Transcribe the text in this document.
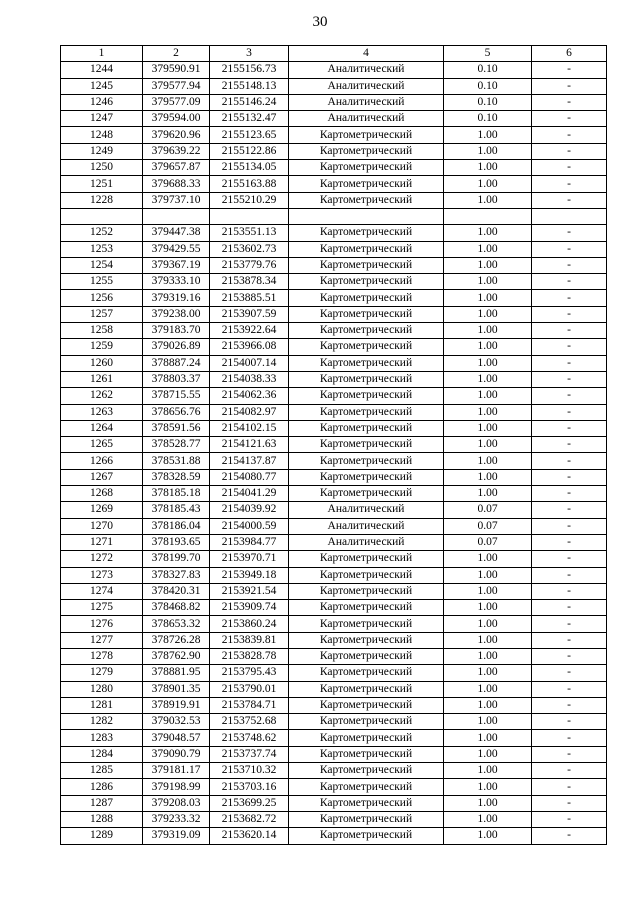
30
1	2	3	4	5	6
1244	379590.91	2155156.73	Аналитический	0.10	-
1245	379577.94	2155148.13	Аналитический	0.10	-
1246	379577.09	2155146.24	Аналитический	0.10	-
1247	379594.00	2155132.47	Аналитический	0.10	-
1248	379620.96	2155123.65	Картометрический	1.00	-
1249	379639.22	2155122.86	Картометрический	1.00	-
1250	379657.87	2155134.05	Картометрический	1.00	-
1251	379688.33	2155163.88	Картометрический	1.00	-
1228	379737.10	2155210.29	Картометрический	1.00	-

1252	379447.38	2153551.13	Картометрический	1.00	-
1253	379429.55	2153602.73	Картометрический	1.00	-
1254	379367.19	2153779.76	Картометрический	1.00	-
1255	379333.10	2153878.34	Картометрический	1.00	-
1256	379319.16	2153885.51	Картометрический	1.00	-
1257	379238.00	2153907.59	Картометрический	1.00	-
1258	379183.70	2153922.64	Картометрический	1.00	-
1259	379026.89	2153966.08	Картометрический	1.00	-
1260	378887.24	2154007.14	Картометрический	1.00	-
1261	378803.37	2154038.33	Картометрический	1.00	-
1262	378715.55	2154062.36	Картометрический	1.00	-
1263	378656.76	2154082.97	Картометрический	1.00	-
1264	378591.56	2154102.15	Картометрический	1.00	-
1265	378528.77	2154121.63	Картометрический	1.00	-
1266	378531.88	2154137.87	Картометрический	1.00	-
1267	378328.59	2154080.77	Картометрический	1.00	-
1268	378185.18	2154041.29	Картометрический	1.00	-
1269	378185.43	2154039.92	Аналитический	0.07	-
1270	378186.04	2154000.59	Аналитический	0.07	-
1271	378193.65	2153984.77	Аналитический	0.07	-
1272	378199.70	2153970.71	Картометрический	1.00	-
1273	378327.83	2153949.18	Картометрический	1.00	-
1274	378420.31	2153921.54	Картометрический	1.00	-
1275	378468.82	2153909.74	Картометрический	1.00	-
1276	378653.32	2153860.24	Картометрический	1.00	-
1277	378726.28	2153839.81	Картометрический	1.00	-
1278	378762.90	2153828.78	Картометрический	1.00	-
1279	378881.95	2153795.43	Картометрический	1.00	-
1280	378901.35	2153790.01	Картометрический	1.00	-
1281	378919.91	2153784.71	Картометрический	1.00	-
1282	379032.53	2153752.68	Картометрический	1.00	-
1283	379048.57	2153748.62	Картометрический	1.00	-
1284	379090.79	2153737.74	Картометрический	1.00	-
1285	379181.17	2153710.32	Картометрический	1.00	-
1286	379198.99	2153703.16	Картометрический	1.00	-
1287	379208.03	2153699.25	Картометрический	1.00	-
1288	379233.32	2153682.72	Картометрический	1.00	-
1289	379319.09	2153620.14	Картометрический	1.00	-
